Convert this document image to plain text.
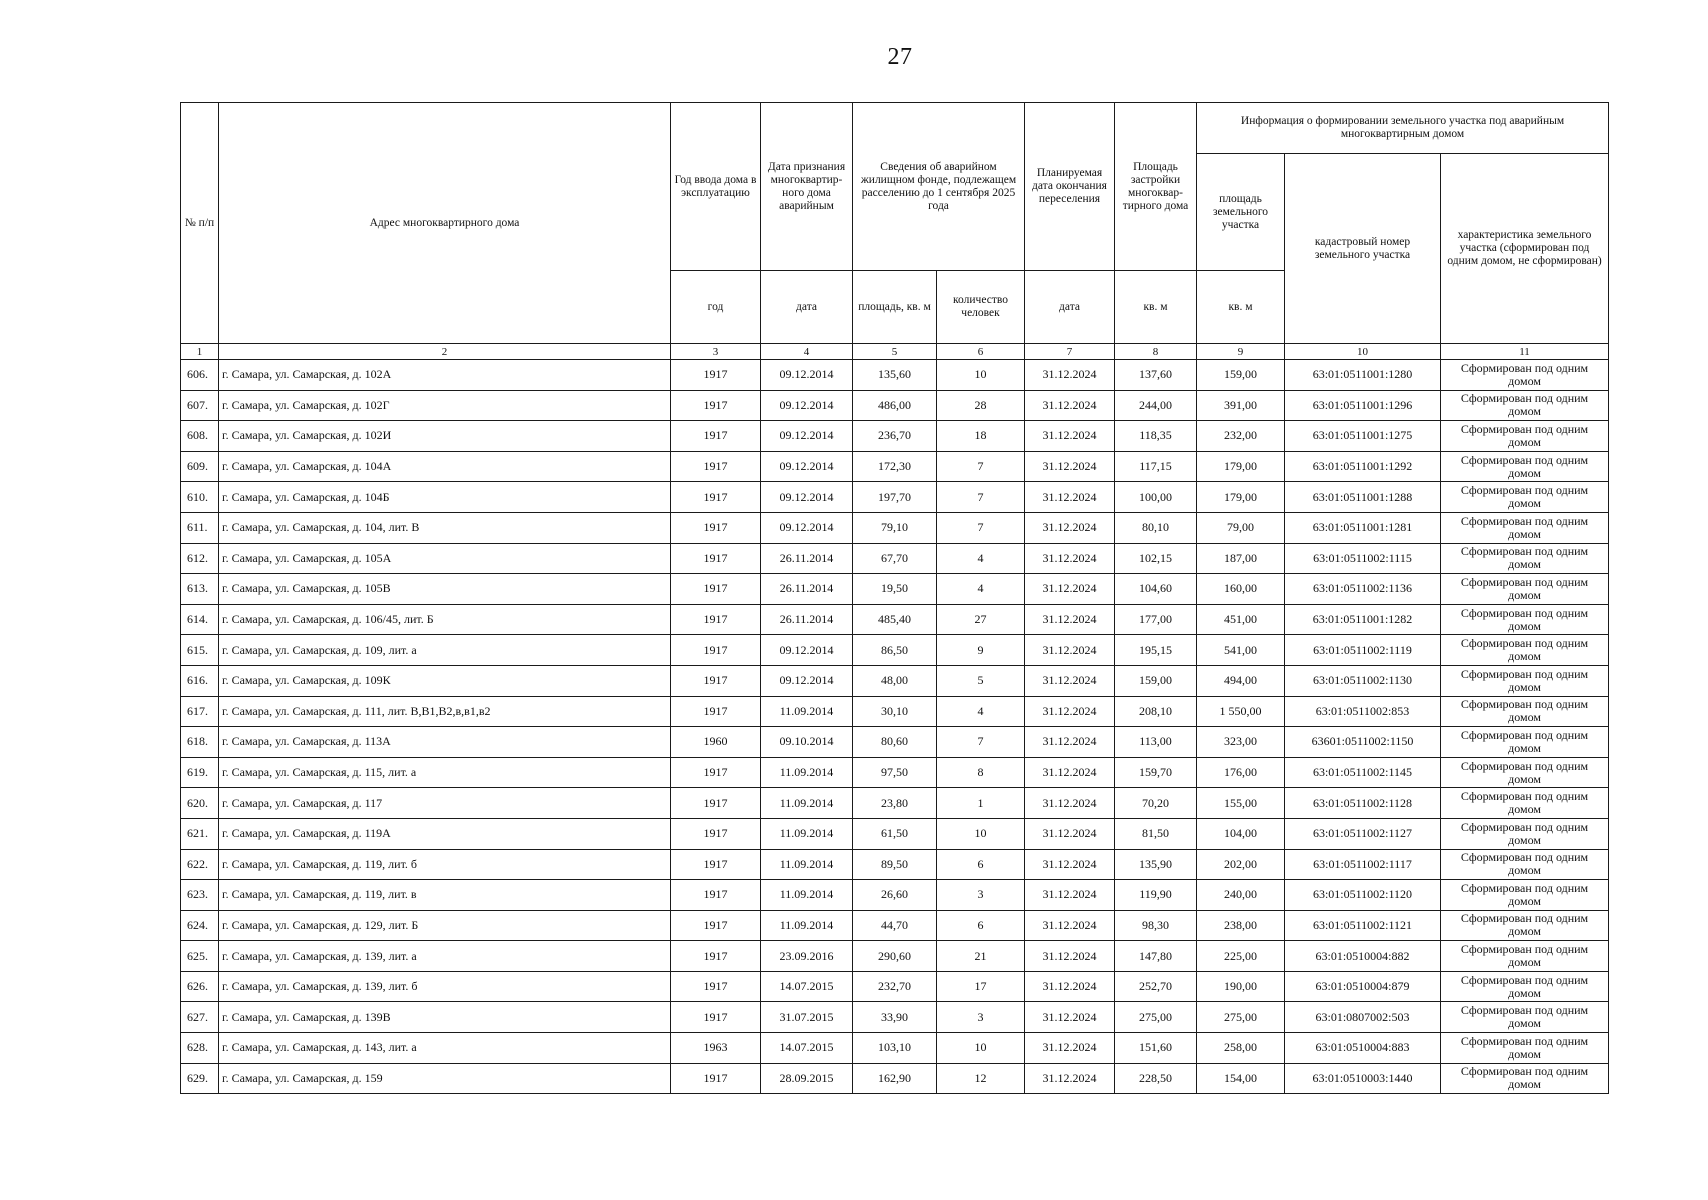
27
№ п/п	Адрес многоквартирного дома	Год ввода дома в эксплуатацию	Дата признания многоквартир-ного дома аварийным	Сведения об аварийном жилищном фонде, подлежащем расселению до 1 сентября 2025 года		Планируемая дата окончания переселения	Площадь застройки многоквар-тирного дома	Информация о формировании земельного участка под аварийным многоквартирным домом		
								площадь земельного участка	кадастровый номер земельного участка	характеристика земельного участка (сформирован под одним домом, не сформирован)
		год	дата	площадь, кв. м	количество человек	дата	кв. м	кв. м		
1	2	3	4	5	6	7	8	9	10	11
606.	г. Самара, ул. Самарская, д. 102А	1917	09.12.2014	135,60	10	31.12.2024	137,60	159,00	63:01:0511001:1280	Сформирован под одним домом
607.	г. Самара, ул. Самарская, д. 102Г	1917	09.12.2014	486,00	28	31.12.2024	244,00	391,00	63:01:0511001:1296	Сформирован под одним домом
608.	г. Самара, ул. Самарская, д. 102И	1917	09.12.2014	236,70	18	31.12.2024	118,35	232,00	63:01:0511001:1275	Сформирован под одним домом
609.	г. Самара, ул. Самарская, д. 104А	1917	09.12.2014	172,30	7	31.12.2024	117,15	179,00	63:01:0511001:1292	Сформирован под одним домом
610.	г. Самара, ул. Самарская, д. 104Б	1917	09.12.2014	197,70	7	31.12.2024	100,00	179,00	63:01:0511001:1288	Сформирован под одним домом
611.	г. Самара, ул. Самарская, д. 104, лит. В	1917	09.12.2014	79,10	7	31.12.2024	80,10	79,00	63:01:0511001:1281	Сформирован под одним домом
612.	г. Самара, ул. Самарская, д. 105А	1917	26.11.2014	67,70	4	31.12.2024	102,15	187,00	63:01:0511002:1115	Сформирован под одним домом
613.	г. Самара, ул. Самарская, д. 105В	1917	26.11.2014	19,50	4	31.12.2024	104,60	160,00	63:01:0511002:1136	Сформирован под одним домом
614.	г. Самара, ул. Самарская, д. 106/45, лит. Б	1917	26.11.2014	485,40	27	31.12.2024	177,00	451,00	63:01:0511001:1282	Сформирован под одним домом
615.	г. Самара, ул. Самарская, д. 109, лит. а	1917	09.12.2014	86,50	9	31.12.2024	195,15	541,00	63:01:0511002:1119	Сформирован под одним домом
616.	г. Самара, ул. Самарская, д. 109К	1917	09.12.2014	48,00	5	31.12.2024	159,00	494,00	63:01:0511002:1130	Сформирован под одним домом
617.	г. Самара, ул. Самарская, д. 111, лит. В,В1,В2,в,в1,в2	1917	11.09.2014	30,10	4	31.12.2024	208,10	1 550,00	63:01:0511002:853	Сформирован под одним домом
618.	г. Самара, ул. Самарская, д. 113А	1960	09.10.2014	80,60	7	31.12.2024	113,00	323,00	63601:0511002:1150	Сформирован под одним домом
619.	г. Самара, ул. Самарская, д. 115, лит. а	1917	11.09.2014	97,50	8	31.12.2024	159,70	176,00	63:01:0511002:1145	Сформирован под одним домом
620.	г. Самара, ул. Самарская, д. 117	1917	11.09.2014	23,80	1	31.12.2024	70,20	155,00	63:01:0511002:1128	Сформирован под одним домом
621.	г. Самара, ул. Самарская, д. 119А	1917	11.09.2014	61,50	10	31.12.2024	81,50	104,00	63:01:0511002:1127	Сформирован под одним домом
622.	г. Самара, ул. Самарская, д. 119, лит. б	1917	11.09.2014	89,50	6	31.12.2024	135,90	202,00	63:01:0511002:1117	Сформирован под одним домом
623.	г. Самара, ул. Самарская, д. 119, лит. в	1917	11.09.2014	26,60	3	31.12.2024	119,90	240,00	63:01:0511002:1120	Сформирован под одним домом
624.	г. Самара, ул. Самарская, д. 129, лит. Б	1917	11.09.2014	44,70	6	31.12.2024	98,30	238,00	63:01:0511002:1121	Сформирован под одним домом
625.	г. Самара, ул. Самарская, д. 139, лит. а	1917	23.09.2016	290,60	21	31.12.2024	147,80	225,00	63:01:0510004:882	Сформирован под одним домом
626.	г. Самара, ул. Самарская, д. 139, лит. б	1917	14.07.2015	232,70	17	31.12.2024	252,70	190,00	63:01:0510004:879	Сформирован под одним домом
627.	г. Самара, ул. Самарская, д. 139В	1917	31.07.2015	33,90	3	31.12.2024	275,00	275,00	63:01:0807002:503	Сформирован под одним домом
628.	г. Самара, ул. Самарская, д. 143, лит. а	1963	14.07.2015	103,10	10	31.12.2024	151,60	258,00	63:01:0510004:883	Сформирован под одним домом
629.	г. Самара, ул. Самарская, д. 159	1917	28.09.2015	162,90	12	31.12.2024	228,50	154,00	63:01:0510003:1440	Сформирован под одним домом
